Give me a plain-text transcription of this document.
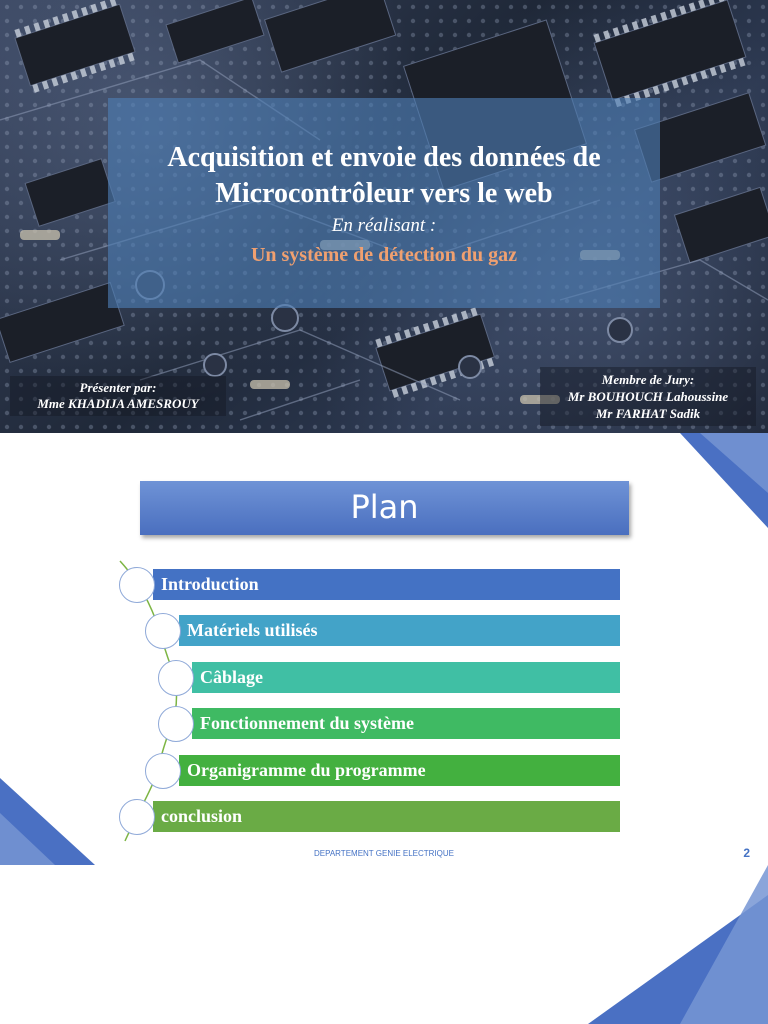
Acquisition et envoie des données de Microcontrôleur vers le web
En réalisant :
Un système de détection du gaz
Présenter par:
Mme KHADIJA AMESROUY
Membre de Jury:
Mr BOUHOUCH Lahoussine
Mr FARHAT Sadik
Plan
Introduction
Matériels utilisés
Câblage
Fonctionnement du système
Organigramme du programme
conclusion
DEPARTEMENT GENIE ELECTRIQUE	2
